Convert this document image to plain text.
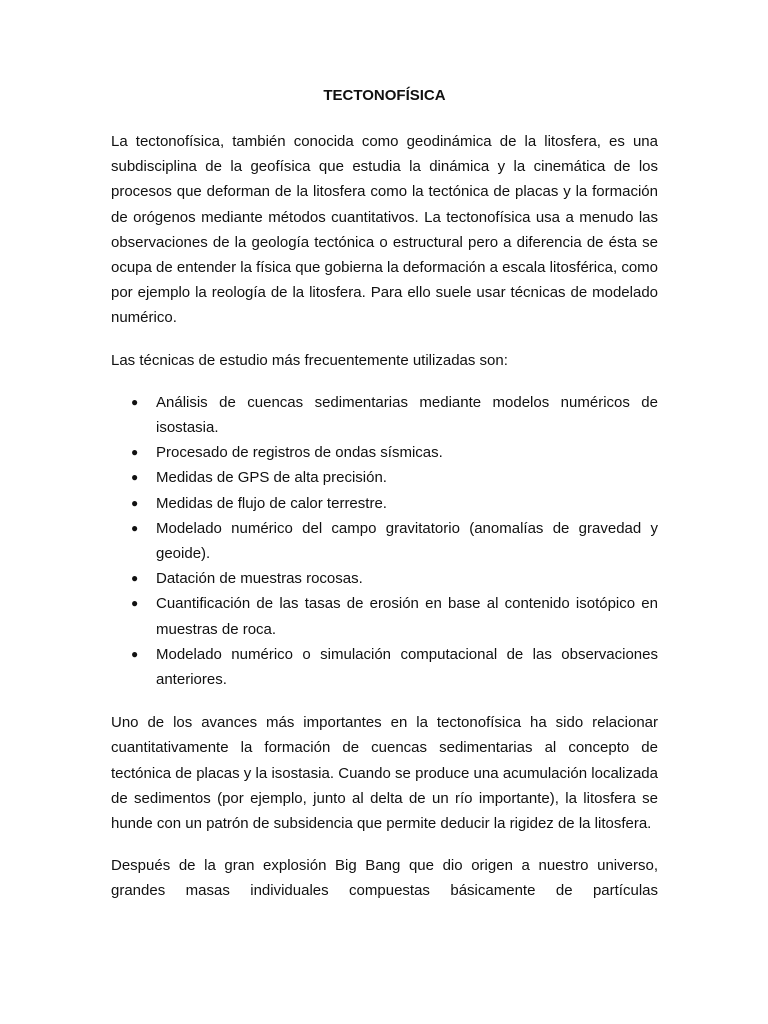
TECTONOFÍSICA

La tectonofísica, también conocida como geodinámica de la litosfera, es una subdisciplina de la geofísica que estudia la dinámica y la cinemática de los procesos que deforman de la litosfera como la tectónica de placas y la formación de orógenos mediante métodos cuantitativos. La tectonofísica usa a menudo las observaciones de la geología tectónica o estructural pero a diferencia de ésta se ocupa de entender la física que gobierna la deformación a escala litosférica, como por ejemplo la reología de la litosfera. Para ello suele usar técnicas de modelado numérico.

Las técnicas de estudio más frecuentemente utilizadas son:

● Análisis de cuencas sedimentarias mediante modelos numéricos de isostasia.
● Procesado de registros de ondas sísmicas.
● Medidas de GPS de alta precisión.
● Medidas de flujo de calor terrestre.
● Modelado numérico del campo gravitatorio (anomalías de gravedad y geoide).
● Datación de muestras rocosas.
● Cuantificación de las tasas de erosión en base al contenido isotópico en muestras de roca.
● Modelado numérico o simulación computacional de las observaciones anteriores.

Uno de los avances más importantes en la tectonofísica ha sido relacionar cuantitativamente la formación de cuencas sedimentarias al concepto de tectónica de placas y la isostasia. Cuando se produce una acumulación localizada de sedimentos (por ejemplo, junto al delta de un río importante), la litosfera se hunde con un patrón de subsidencia que permite deducir la rigidez de la litosfera.

Después de la gran explosión Big Bang que dio origen a nuestro universo, grandes masas individuales compuestas básicamente de partículas
